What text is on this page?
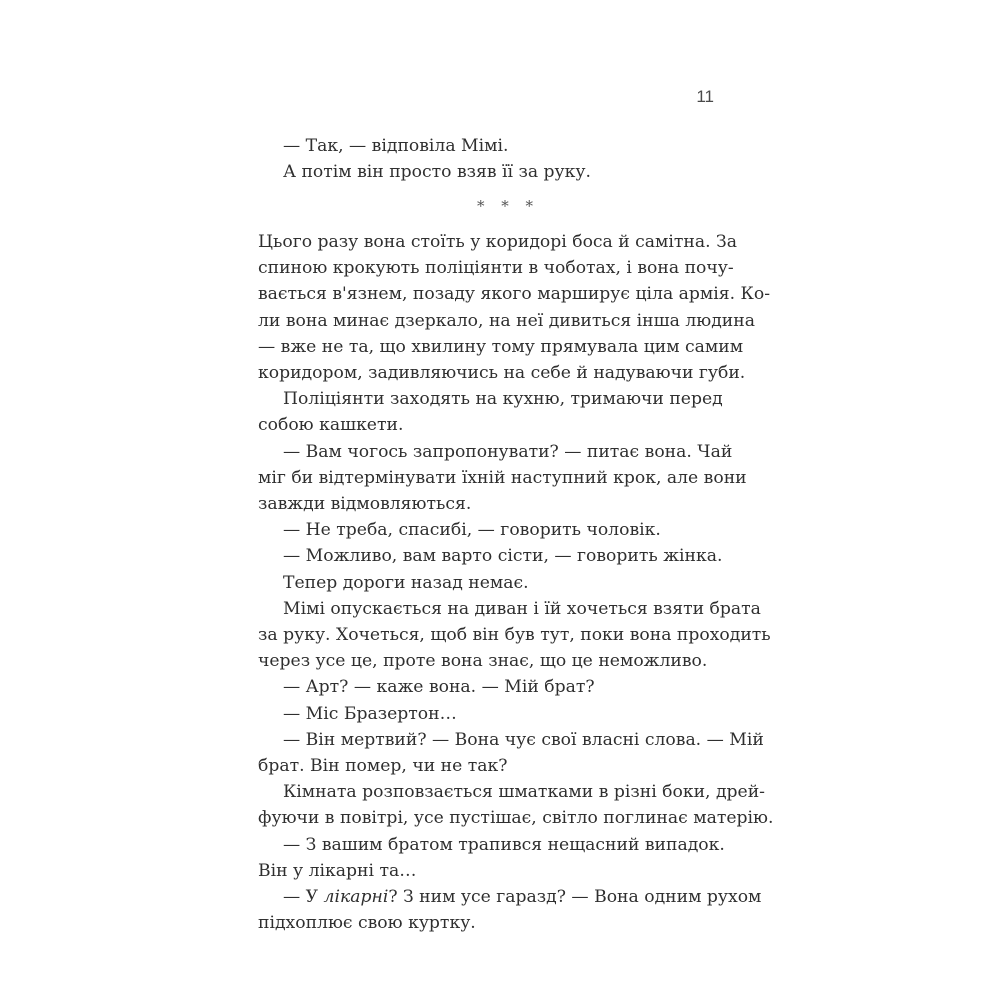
11
— Так, — відповіла Мімі.
А потім він просто взяв її за руку.
* * *
Цього разу вона стоїть у коридорі боса й самітна. За
спиною крокують поліціянти в чоботах, і вона почу-
вається в'язнем, позаду якого марширує ціла армія. Ко-
ли вона минає дзеркало, на неї дивиться інша людина
— вже не та, що хвилину тому прямувала цим самим
коридором, задивляючись на себе й надуваючи губи.
Поліціянти заходять на кухню, тримаючи перед
собою кашкети.
— Вам чогось запропонувати? — питає вона. Чай
міг би відтермінувати їхній наступний крок, але вони
завжди відмовляються.
— Не треба, спасибі, — говорить чоловік.
— Можливо, вам варто сісти, — говорить жінка.
Тепер дороги назад немає.
Мімі опускається на диван і їй хочеться взяти брата
за руку. Хочеться, щоб він був тут, поки вона проходить
через усе це, проте вона знає, що це неможливо.
— Арт? — каже вона. — Мій брат?
— Міс Бразертон…
— Він мертвий? — Вона чує свої власні слова. — Мій
брат. Він помер, чи не так?
Кімната розповзається шматками в різні боки, дрей-
фуючи в повітрі, усе пустішає, світло поглинає матерію.
— З вашим братом трапився нещасний випадок.
Він у лікарні та…
— У лікарні? З ним усе гаразд? — Вона одним рухом
підхоплює свою куртку.
